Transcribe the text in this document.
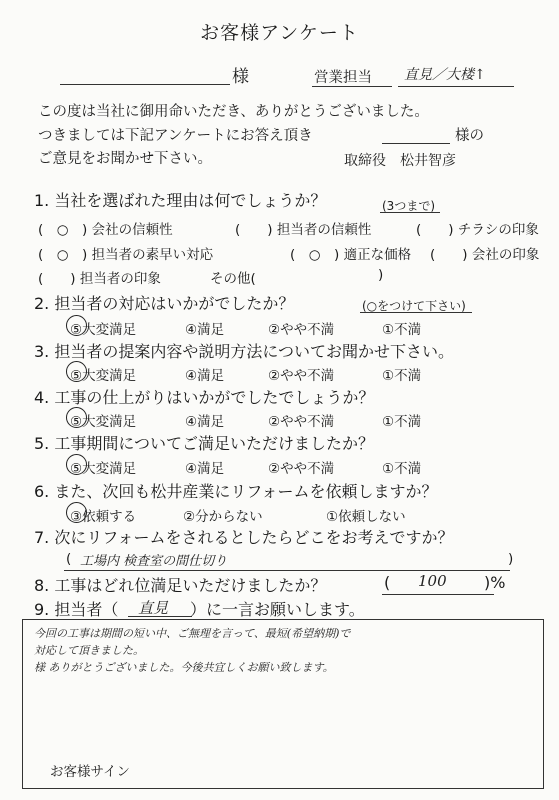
お客様アンケート
様	営業担当 直見／大楼↑
この度は当社に御用命いただき、ありがとうございました。
つきましては下記アンケートにお答え頂き	様の
ご意見をお聞かせ下さい。	取締役　松井智彦
1. 当社を選ばれた理由は何でしょうか？	(3つまで)
(　○　) 会社の信頼性	(　　) 担当者の信頼性	(　　) チラシの印象
(　○　) 担当者の素早い対応	(　○　) 適正な価格 (　　) 会社の印象
(　　) 担当者の印象	その他(	)
2. 担当者の対応はいかがでしたか？	(○をつけて下さい)
⑤大変満足	④満足	②やや不満	①不満
3. 担当者の提案内容や説明方法についてお聞かせ下さい。
⑤大変満足	④満足	②やや不満	①不満
4. 工事の仕上がりはいかがでしたでしょうか？
⑤大変満足	④満足	②やや不満	①不満
5. 工事期間についてご満足いただけましたか？
⑤大変満足	④満足	②やや不満	①不満
6. また、次回も松井産業にリフォームを依頼しますか？
③依頼する	②分からない	①依頼しない
7. 次にリフォームをされるとしたらどこをお考えですか？
( 工場内 検査室の間仕切り	)
8. 工事はどれ位満足いただけましたか？	( 100 )%
9. 担当者（ 直見 ）に一言お願いします。
今回の工事は期間の短い中、ご無理を言って、最短(希望納期)で
対応して頂きました。
様 ありがとうございました。今後共宜しくお願い致します。
お客様サイン
